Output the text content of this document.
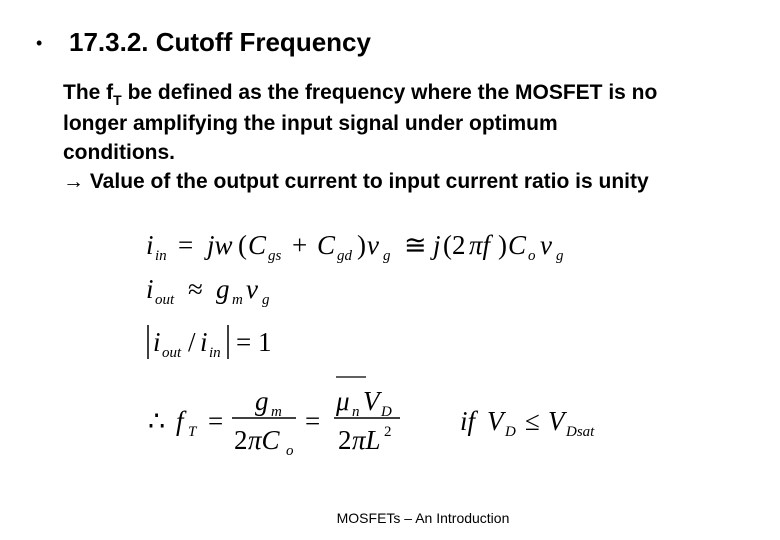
• 17.3.2. Cutoff Frequency
The $f_T$ be defined as the frequency where the MOSFET is no
longer amplifying the input signal under optimum
conditions.
→ Value of the output current to input current ratio is unity
i in = jw ( C gs + C gd ) v g ≅ j (2 πf ) C o v g
i out ≈ g m v g
i out / i in = 1
∴ f T =
g m
2 πC o
=
μ n V D
2 πL 2	if V D ≤ V Dsat
MOSFETs – An Introduction
